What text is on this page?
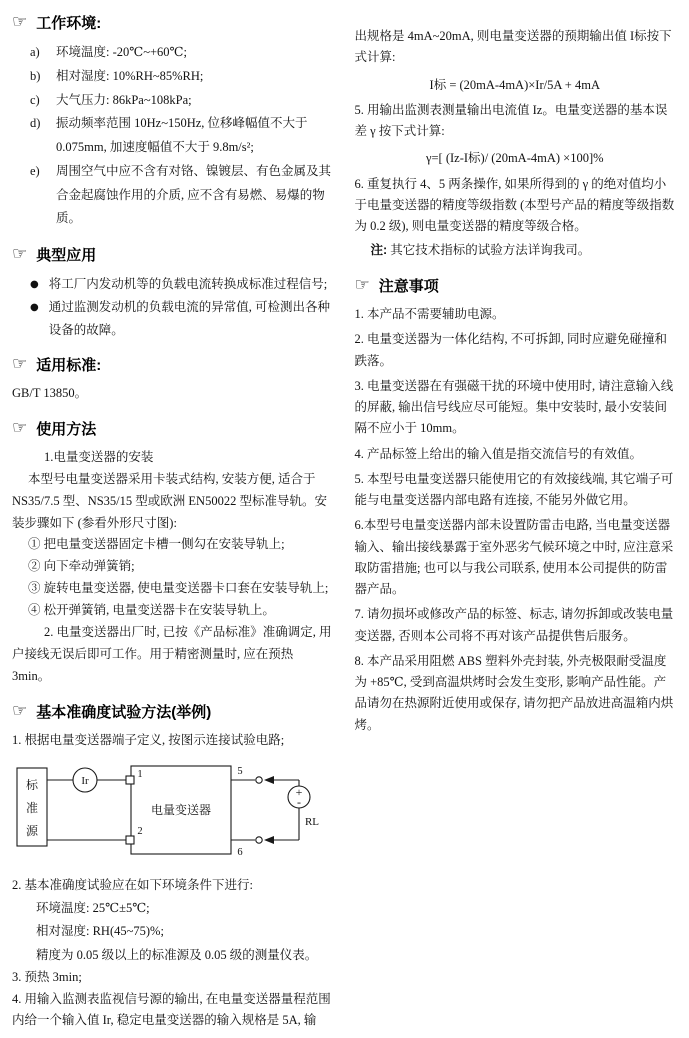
☞ 工作环境:
a)	环境温度: -20℃~+60℃;
b)	相对湿度: 10%RH~85%RH;
c)	大气压力: 86kPa~108kPa;
d)	振动频率范围 10Hz~150Hz, 位移峰幅值不大于 0.075mm, 加速度幅值不大于 9.8m/s²;
e)	周围空气中应不含有对铬、镍镀层、有色金属及其合金起腐蚀作用的介质, 应不含有易燃、易爆的物质。
☞ 典型应用
● 将工厂内发动机等的负载电流转换成标准过程信号;
● 通过监测发动机的负载电流的异常值, 可检测出各种设备的故障。
☞ 适用标准:

GB/T 13850。

☞ 使用方法

1.电量变送器的安装

本型号电量变送器采用卡装式结构, 安装方便, 适合于 NS35/7.5 型、NS35/15 型或欧洲 EN50022 型标准导轨。安装步骤如下 (参看外形尺寸图):

① 把电量变送器固定卡槽一侧勾在安装导轨上;

② 向下牵动弹簧销;

③ 旋转电量变送器, 使电量变送器卡口套在安装导轨上;

④ 松开弹簧销, 电量变送器卡在安装导轨上。

2. 电量变送器出厂时, 已按《产品标准》准确调定, 用户接线无误后即可工作。用于精密测量时, 应在预热 3min。

☞ 基本准确度试验方法(举例)

1. 根据电量变送器端子定义, 按图示连接试验电路;

标
准
源
Ir
电量变送器
1
2
5
6
+
-
RL

2. 基本准确度试验应在如下环境条件下进行:

环境温度: 25℃±5℃;

相对湿度: RH(45~75)%;

精度为 0.05 级以上的标准源及 0.05 级的测量仪表。

3. 预热 3min;

4. 用输入监测表监视信号源的输出, 在电量变送器量程范围内给一个输入值 Ir, 稳定电量变送器的输入规格是 5A, 输

出规格是 4mA~20mA, 则电量变送器的预期输出值 I标按下式计算:

I标 = (20mA-4mA)×Ir/5A + 4mA

5. 用输出监测表测量输出电流值 Iz。电量变送器的基本误差 γ 按下式计算:

γ=[ (Iz-I标)/ (20mA-4mA) ×100]%

6. 重复执行 4、5 两条操作, 如果所得到的 γ 的绝对值均小于电量变送器的精度等级指数 (本型号产品的精度等级指数为 0.2 级), 则电量变送器的精度等级合格。

注: 其它技术指标的试验方法详询我司。

☞ 注意事项

1. 本产品不需要辅助电源。

2. 电量变送器为一体化结构, 不可拆卸, 同时应避免碰撞和跌落。

3. 电量变送器在有强磁干扰的环境中使用时, 请注意输入线的屏蔽, 输出信号线应尽可能短。集中安装时, 最小安装间隔不应小于 10mm。

4. 产品标签上给出的输入值是指交流信号的有效值。

5. 本型号电量变送器只能使用它的有效接线端, 其它端子可能与电量变送器内部电路有连接, 不能另外做它用。

6.本型号电量变送器内部未设置防雷击电路, 当电量变送器输入、输出接线暴露于室外恶劣气候环境之中时, 应注意采取防雷措施; 也可以与我公司联系, 使用本公司提供的防雷器产品。

7. 请勿损坏或修改产品的标签、标志, 请勿拆卸或改装电量变送器, 否则本公司将不再对该产品提供售后服务。

8. 本产品采用阻燃 ABS 塑料外壳封装, 外壳极限耐受温度为 +85℃, 受到高温烘烤时会发生变形, 影响产品性能。产品请勿在热源附近使用或保存, 请勿把产品放进高温箱内烘烤。
